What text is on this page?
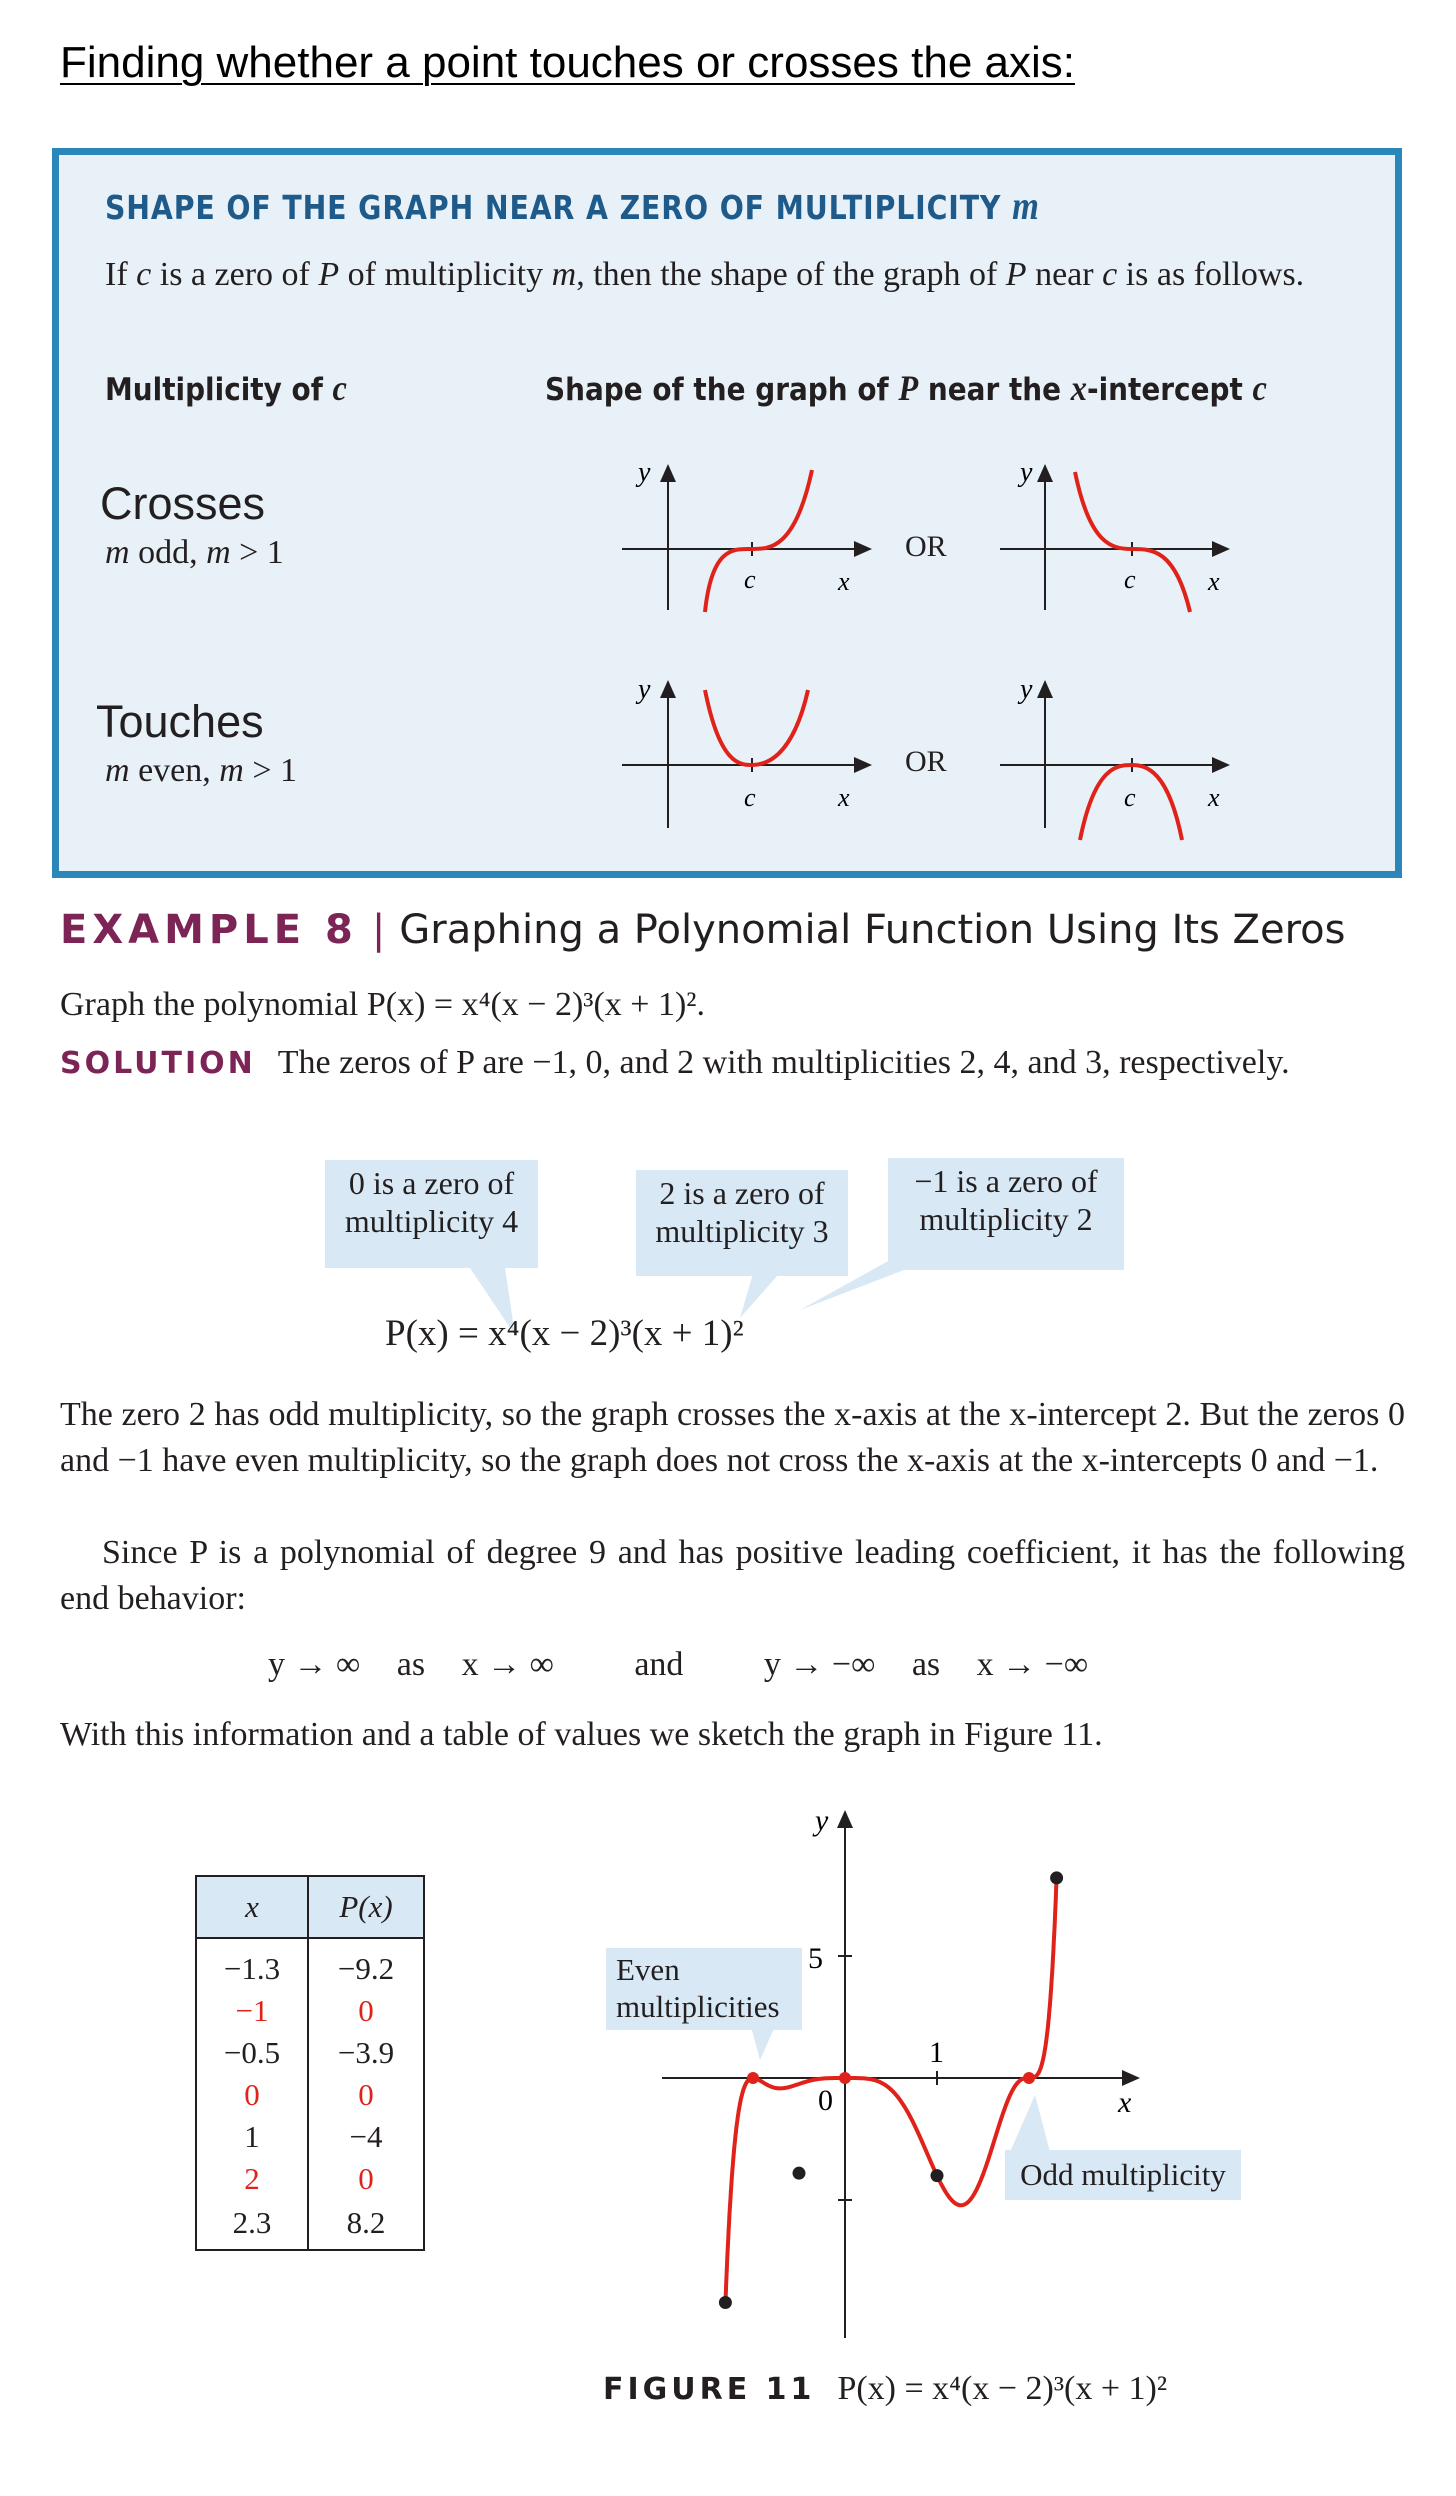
Finding whether a point touches or crosses the axis:
SHAPE OF THE GRAPH NEAR A ZERO OF MULTIPLICITY m
If c is a zero of P of multiplicity m, then the shape of the graph of P near c is as follows.
Multiplicity of c	Shape of the graph of P near the x-intercept c
Crosses
m odd, m > 1
Touches
m even, m > 1
OR
OR
y
c	x
y
c	x
y
c	x
y
c	x
EXAMPLE 8 | Graphing a Polynomial Function Using Its Zeros
Graph the polynomial P(x) = x⁴(x − 2)³(x + 1)².
SOLUTION The zeros of P are −1, 0, and 2 with multiplicities 2, 4, and 3, respectively.
0 is a zero of
multiplicity 4
2 is a zero of
multiplicity 3
−1 is a zero of
multiplicity 2
P(x) = x⁴(x − 2)³(x + 1)²
The zero 2 has odd multiplicity, so the graph crosses the x-axis at the x-intercept 2. But the zeros 0 and −1 have even multiplicity, so the graph does not cross the x-axis at the x-intercepts 0 and −1.
Since P is a polynomial of degree 9 and has positive leading coefficient, it has the following end behavior:
y → ∞ as x → ∞ and y → −∞ as x → −∞
With this information and a table of values we sketch the graph in Figure 11.
x	P(x)
−1.3	−9.2
−1	0
−0.5	−3.9
0	0
1	−4
2	0
2.3	8.2
y
x
5
1
0
Even
multiplicities
Odd multiplicity
FIGURE 11 P(x) = x⁴(x − 2)³(x + 1)²
